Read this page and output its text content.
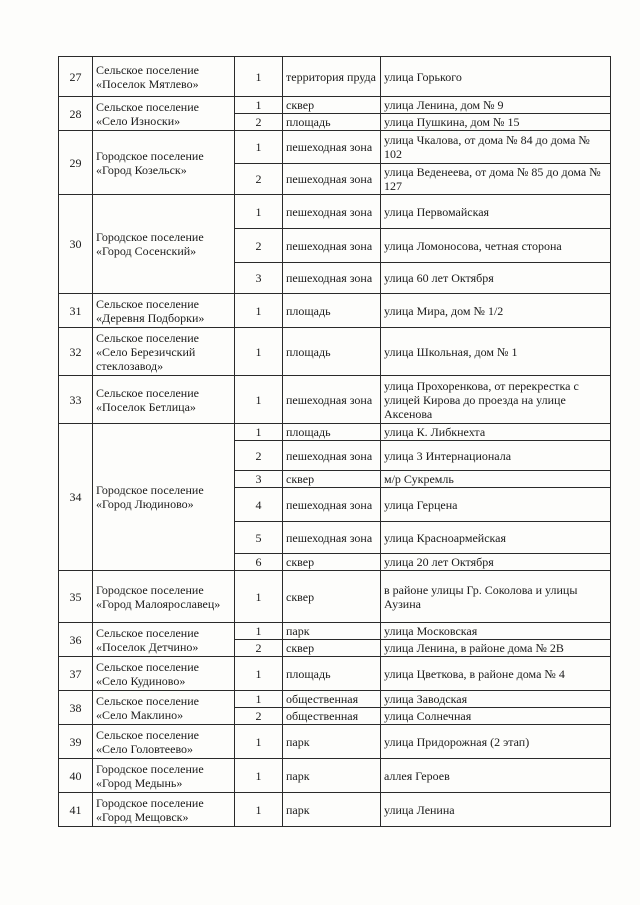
27	Сельское поселение «Поселок Мятлево»	1	территория пруда	улица Горького
28	Сельское поселение «Село Износки»	1	сквер	улица Ленина, дом № 9
		2	площадь	улица Пушкина, дом № 15
29	Городское поселение «Город Козельск»	1	пешеходная зона	улица Чкалова, от дома № 84 до дома № 102
		2	пешеходная зона	улица Веденеева, от дома № 85 до дома № 127
30	Городское поселение «Город Сосенский»	1	пешеходная зона	улица Первомайская
		2	пешеходная зона	улица Ломоносова, четная сторона
		3	пешеходная зона	улица 60 лет Октября
31	Сельское поселение «Деревня Подборки»	1	площадь	улица Мира, дом № 1/2
32	Сельское поселение «Село Березичский стеклозавод»	1	площадь	улица Школьная, дом № 1
33	Сельское поселение «Поселок Бетлица»	1	пешеходная зона	улица Прохоренкова, от перекрестка с улицей Кирова до проезда на улице Аксенова
34	Городское поселение «Город Людиново»	1	площадь	улица К. Либкнехта
		2	пешеходная зона	улица 3 Интернационала
		3	сквер	м/р Сукремль
		4	пешеходная зона	улица Герцена
		5	пешеходная зона	улица Красноармейская
		6	сквер	улица 20 лет Октября
35	Городское поселение «Город Малоярославец»	1	сквер	в районе улицы Гр. Соколова и улицы Аузина
36	Сельское поселение «Поселок Детчино»	1	парк	улица Московская
		2	сквер	улица Ленина, в районе дома № 2В
37	Сельское поселение «Село Кудиново»	1	площадь	улица Цветкова, в районе дома № 4
38	Сельское поселение «Село Маклино»	1	общественная	улица Заводская
		2	общественная	улица Солнечная
39	Сельское поселение «Село Головтеево»	1	парк	улица Придорожная (2 этап)
40	Городское поселение «Город Медынь»	1	парк	аллея Героев
41	Городское поселение «Город Мещовск»	1	парк	улица Ленина
